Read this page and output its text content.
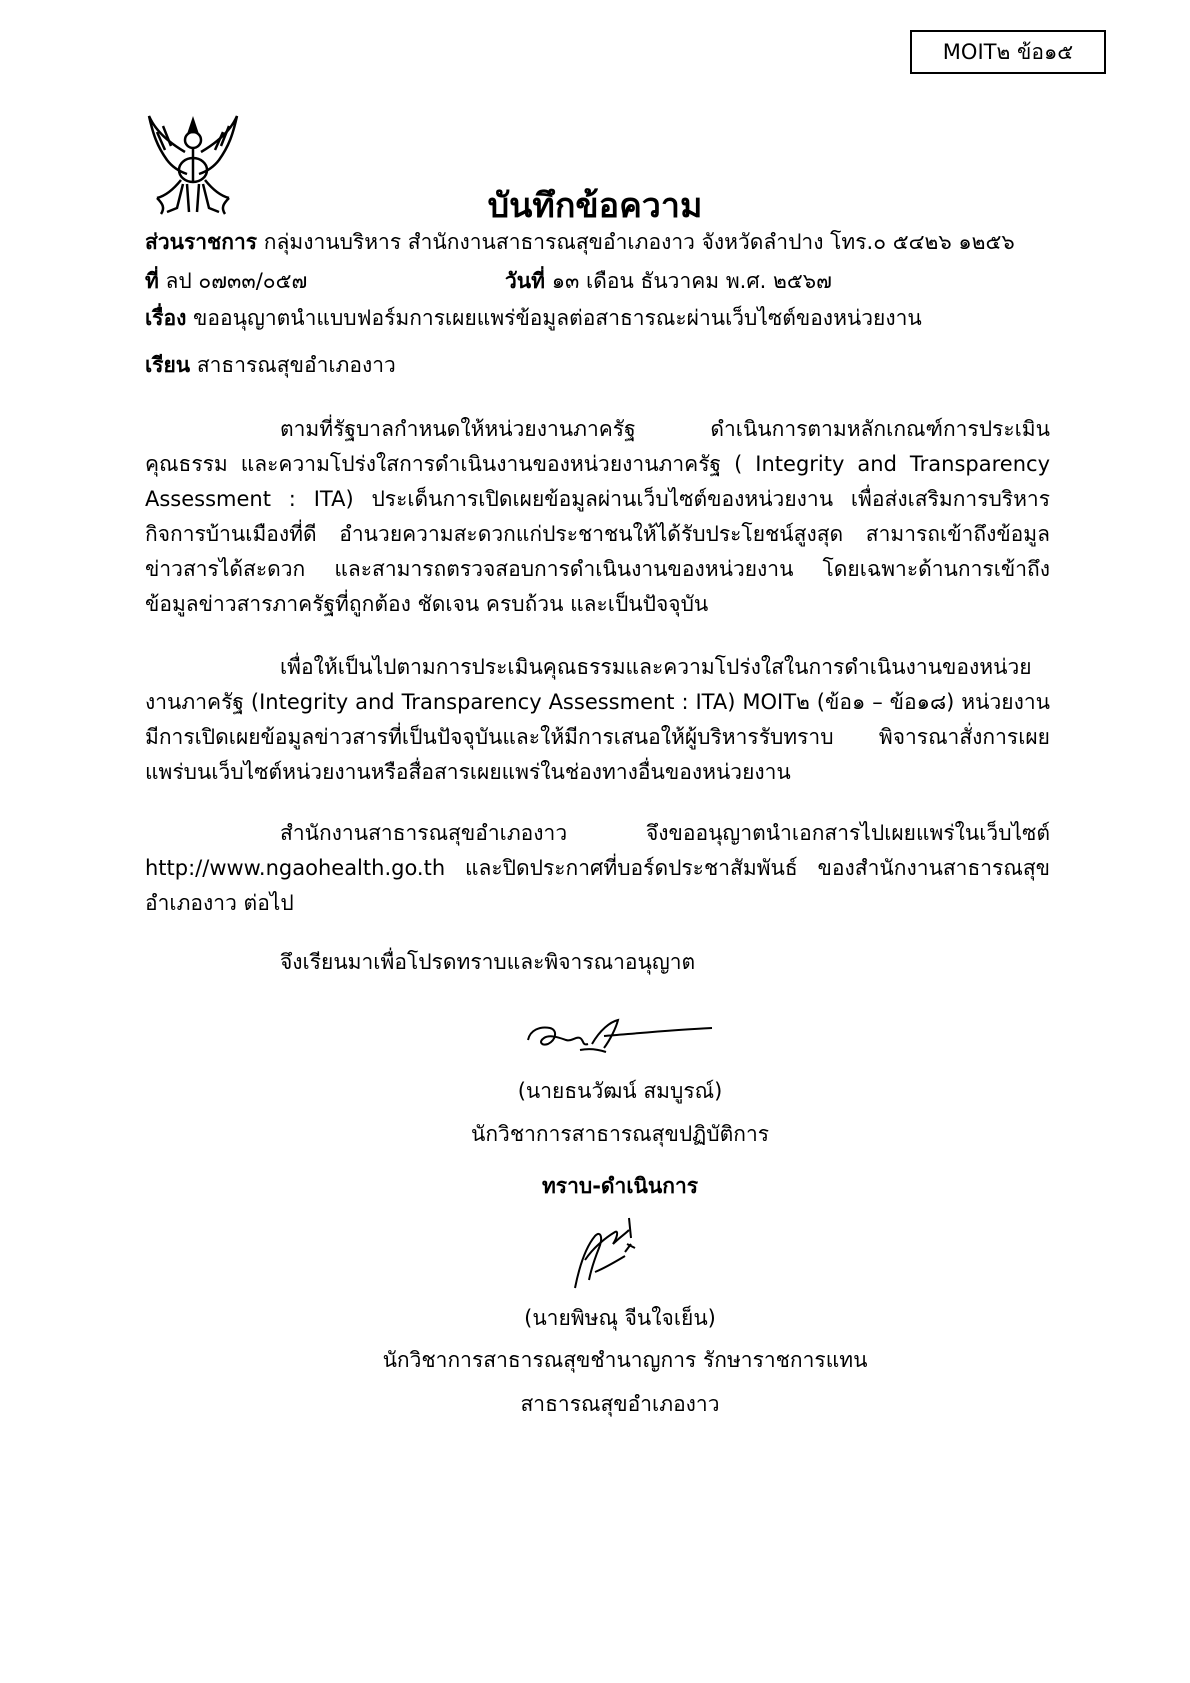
MOIT๒ ข้อ๑๕
บันทึกข้อความ
ส่วนราชการ กลุ่มงานบริหาร สำนักงานสาธารณสุขอำเภองาว จังหวัดลำปาง โทร.๐ ๕๔๒๖ ๑๒๕๖
ที่ ลป ๐๗๓๓/๐๕๗	วันที่ ๑๓ เดือน ธันวาคม พ.ศ. ๒๕๖๗
เรื่อง ขออนุญาตนำแบบฟอร์มการเผยแพร่ข้อมูลต่อสาธารณะผ่านเว็บไซต์ของหน่วยงาน
เรียน สาธารณสุขอำเภองาว
ตามที่รัฐบาลกำหนดให้หน่วยงานภาครัฐ ดำเนินการตามหลักเกณฑ์การประเมินคุณธรรม และความโปร่งใสการดำเนินงานของหน่วยงานภาครัฐ ( Integrity and Transparency Assessment : ITA) ประเด็นการเปิดเผยข้อมูลผ่านเว็บไซต์ของหน่วยงาน เพื่อส่งเสริมการบริหารกิจการบ้านเมืองที่ดี อำนวยความสะดวกแก่ประชาชนให้ได้รับประโยชน์สูงสุด สามารถเข้าถึงข้อมูลข่าวสารได้สะดวก และสามารถตรวจสอบการดำเนินงานของหน่วยงาน โดยเฉพาะด้านการเข้าถึงข้อมูลข่าวสารภาครัฐที่ถูกต้อง ชัดเจน ครบถ้วน และเป็นปัจจุบัน
เพื่อให้เป็นไปตามการประเมินคุณธรรมและความโปร่งใสในการดำเนินงานของหน่วยงานภาครัฐ (Integrity and Transparency Assessment : ITA) MOIT๒ (ข้อ๑ – ข้อ๑๘) หน่วยงานมีการเปิดเผยข้อมูลข่าวสารที่เป็นปัจจุบันและให้มีการเสนอให้ผู้บริหารรับทราบ พิจารณาสั่งการเผยแพร่บนเว็บไซต์หน่วยงานหรือสื่อสารเผยแพร่ในช่องทางอื่นของหน่วยงาน
สำนักงานสาธารณสุขอำเภองาว จึงขออนุญาตนำเอกสารไปเผยแพร่ในเว็บไซต์ http://www.ngaohealth.go.th และปิดประกาศที่บอร์ดประชาสัมพันธ์ ของสำนักงานสาธารณสุขอำเภองาว ต่อไป
จึงเรียนมาเพื่อโปรดทราบและพิจารณาอนุญาต
(นายธนวัฒน์ สมบูรณ์)
นักวิชาการสาธารณสุขปฏิบัติการ
ทราบ-ดำเนินการ
(นายพิษณุ จีนใจเย็น)
นักวิชาการสาธารณสุขชำนาญการ รักษาราชการแทน
สาธารณสุขอำเภองาว
